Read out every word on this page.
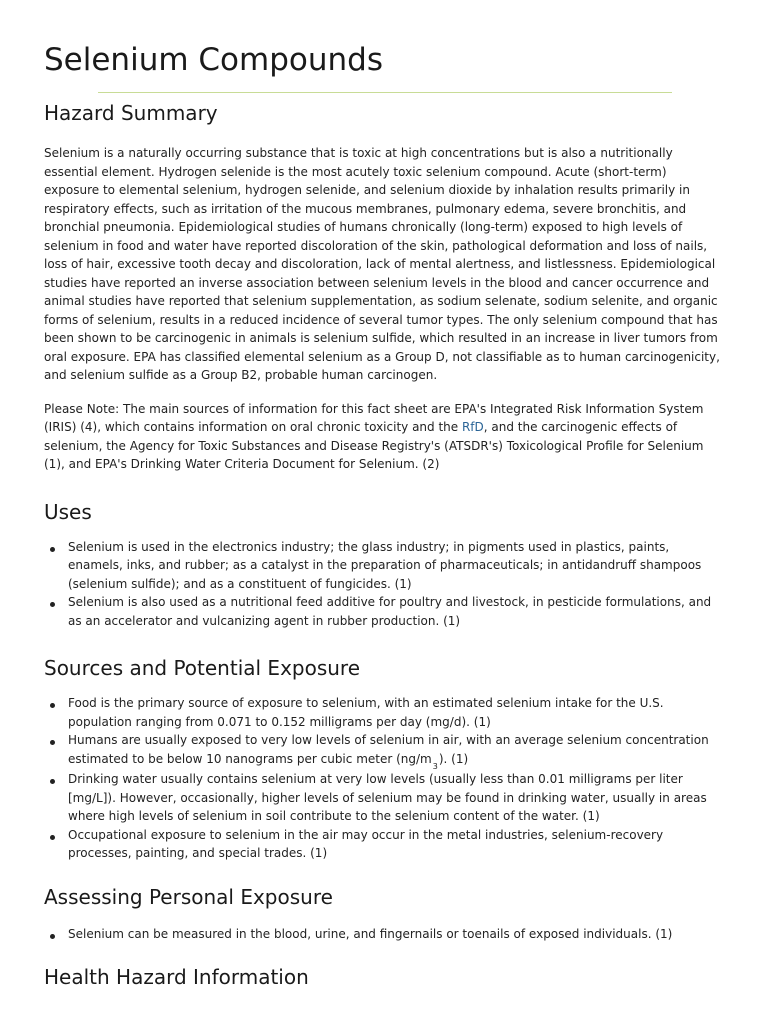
Selenium Compounds
Hazard Summary

Selenium is a naturally occurring substance that is toxic at high concentrations but is also a nutritionally essential element. Hydrogen selenide is the most acutely toxic selenium compound. Acute (short-term) exposure to elemental selenium, hydrogen selenide, and selenium dioxide by inhalation results primarily in respiratory effects, such as irritation of the mucous membranes, pulmonary edema, severe bronchitis, and bronchial pneumonia. Epidemiological studies of humans chronically (long-term) exposed to high levels of selenium in food and water have reported discoloration of the skin, pathological deformation and loss of nails, loss of hair, excessive tooth decay and discoloration, lack of mental alertness, and listlessness. Epidemiological studies have reported an inverse association between selenium levels in the blood and cancer occurrence and animal studies have reported that selenium supplementation, as sodium selenate, sodium selenite, and organic forms of selenium, results in a reduced incidence of several tumor types. The only selenium compound that has been shown to be carcinogenic in animals is selenium sulfide, which resulted in an increase in liver tumors from oral exposure. EPA has classified elemental selenium as a Group D, not classifiable as to human carcinogenicity, and selenium sulfide as a Group B2, probable human carcinogen.

Please Note: The main sources of information for this fact sheet are EPA's Integrated Risk Information System (IRIS) (4), which contains information on oral chronic toxicity and the RfD, and the carcinogenic effects of selenium, the Agency for Toxic Substances and Disease Registry's (ATSDR's) Toxicological Profile for Selenium (1), and EPA's Drinking Water Criteria Document for Selenium. (2)

Uses
Selenium is used in the electronics industry; the glass industry; in pigments used in plastics, paints, enamels, inks, and rubber; as a catalyst in the preparation of pharmaceuticals; in antidandruff shampoos (selenium sulfide); and as a constituent of fungicides. (1)
Selenium is also used as a nutritional feed additive for poultry and livestock, in pesticide formulations, and as an accelerator and vulcanizing agent in rubber production. (1)
Sources and Potential Exposure
Food is the primary source of exposure to selenium, with an estimated selenium intake for the U.S. population ranging from 0.071 to 0.152 milligrams per day (mg/d). (1)
Humans are usually exposed to very low levels of selenium in air, with an average selenium concentration estimated to be below 10 nanograms per cubic meter $(ng/m_3)$. (1)
Drinking water usually contains selenium at very low levels (usually less than 0.01 milligrams per liter [mg/L]). However, occasionally, higher levels of selenium may be found in drinking water, usually in areas where high levels of selenium in soil contribute to the selenium content of the water. (1)
Occupational exposure to selenium in the air may occur in the metal industries, selenium-recovery processes, painting, and special trades. (1)
Assessing Personal Exposure
Selenium can be measured in the blood, urine, and fingernails or toenails of exposed individuals. (1)
Health Hazard Information
